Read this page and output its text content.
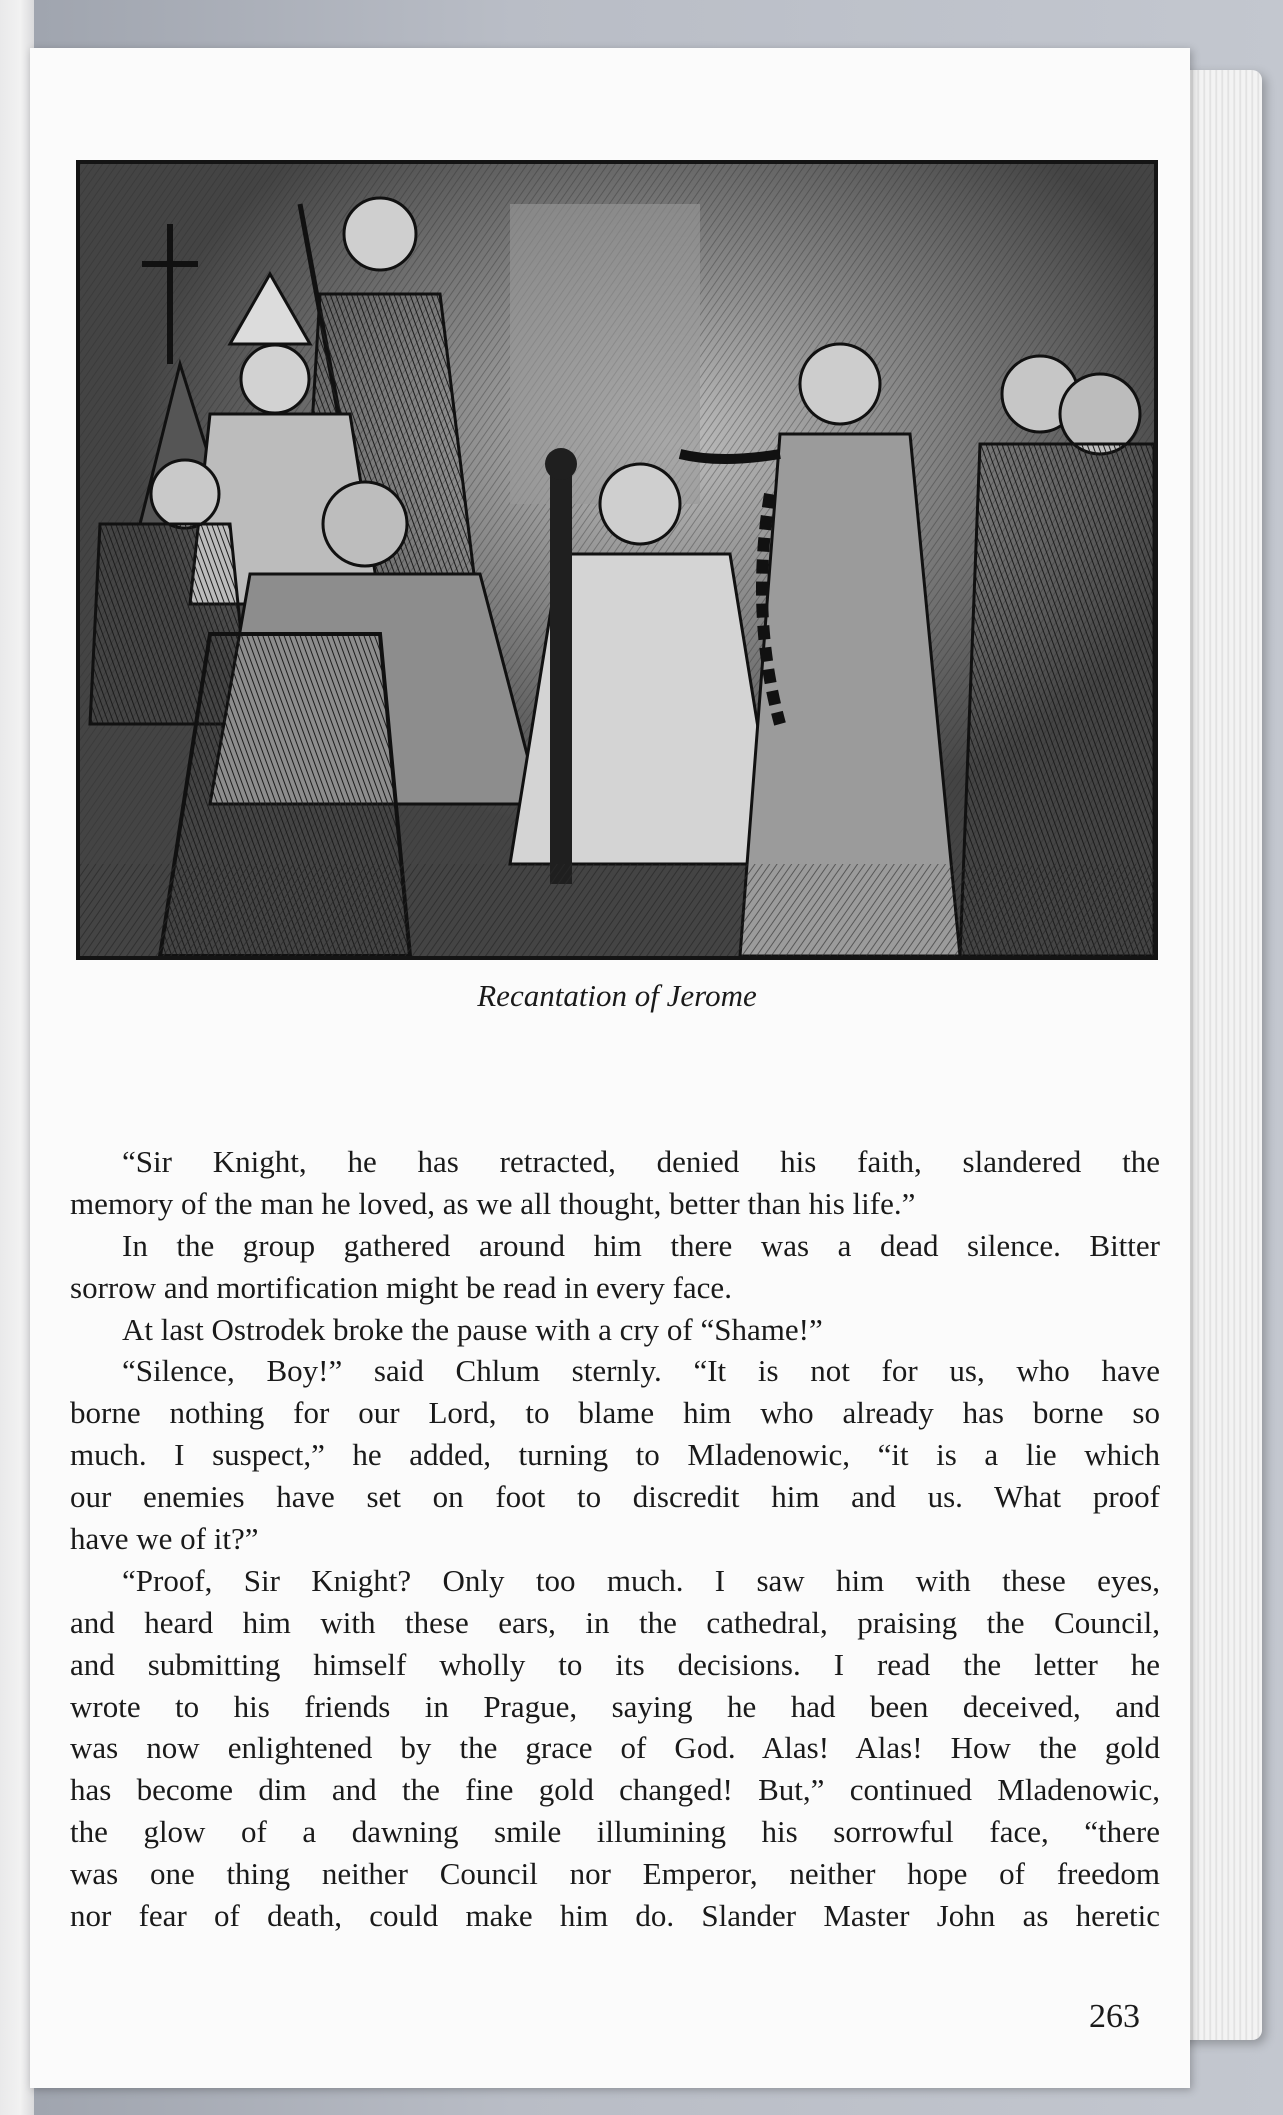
Recantation of Jerome
“Sir Knight, he has retracted, denied his faith, slandered the
memory of the man he loved, as we all thought, better than his life.”
In the group gathered around him there was a dead silence. Bitter
sorrow and mortification might be read in every face.
At last Ostrodek broke the pause with a cry of “Shame!”
“Silence, Boy!” said Chlum sternly. “It is not for us, who have
borne nothing for our Lord, to blame him who already has borne so
much. I suspect,” he added, turning to Mladenowic, “it is a lie which
our enemies have set on foot to discredit him and us. What proof
have we of it?”
“Proof, Sir Knight? Only too much. I saw him with these eyes,
and heard him with these ears, in the cathedral, praising the Council,
and submitting himself wholly to its decisions. I read the letter he
wrote to his friends in Prague, saying he had been deceived, and
was now enlightened by the grace of God. Alas! Alas! How the gold
has become dim and the fine gold changed! But,” continued Mladenowic,
the glow of a dawning smile illumining his sorrowful face, “there
was one thing neither Council nor Emperor, neither hope of freedom
nor fear of death, could make him do. Slander Master John as heretic
263
